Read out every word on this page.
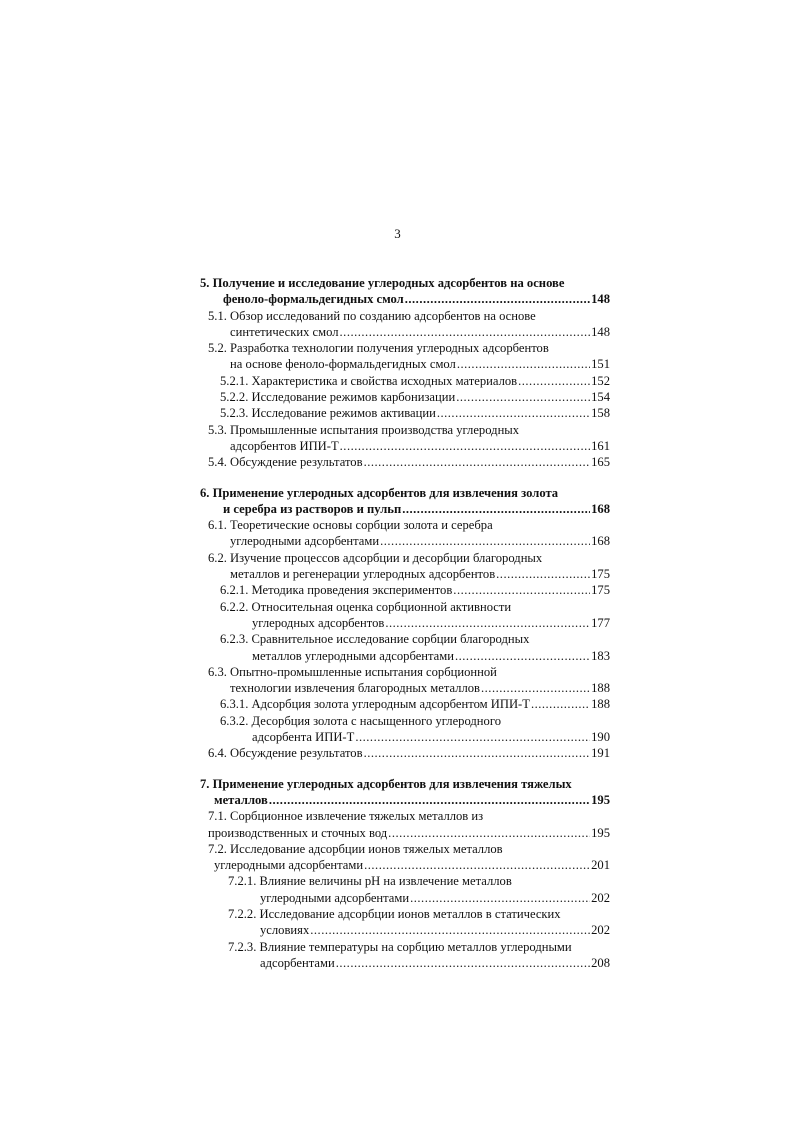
3
5. Получение и исследование углеродных адсорбентов на основе
феноло-формальдегидных смол .....	148
5.1. Обзор исследований по созданию адсорбентов на основе
синтетических смол .....	148
5.2. Разработка технологии получения углеродных адсорбентов
на основе феноло-формальдегидных смол .....	151
5.2.1. Характеристика и свойства исходных материалов .....	152
5.2.2. Исследование режимов карбонизации .....	154
5.2.3. Исследование режимов активации .....	158
5.3. Промышленные испытания производства углеродных
адсорбентов ИПИ-Т .....	161
5.4. Обсуждение результатов .....	165
6. Применение углеродных адсорбентов для извлечения золота
и серебра из растворов и пульп .....	168
6.1. Теоретические основы сорбции золота и серебра
углеродными адсорбентами .....	168
6.2. Изучение процессов адсорбции и десорбции благородных
металлов и регенерации углеродных адсорбентов .....	175
6.2.1. Методика проведения экспериментов .....	175
6.2.2. Относительная оценка сорбционной активности
углеродных адсорбентов .....	177
6.2.3. Сравнительное исследование сорбции благородных
металлов углеродными адсорбентами .....	183
6.3. Опытно-промышленные испытания сорбционной
технологии извлечения благородных металлов .....	188
6.3.1. Адсорбция золота углеродным адсорбентом ИПИ-Т .....	188
6.3.2. Десорбция золота с насыщенного углеродного
адсорбента ИПИ-Т .....	190
6.4. Обсуждение результатов .....	191
7. Применение углеродных адсорбентов для извлечения тяжелых
металлов .....	195
7.1. Сорбционное извлечение тяжелых металлов из
производственных и сточных вод .....	195
7.2. Исследование адсорбции ионов тяжелых металлов
углеродными адсорбентами .....	201
7.2.1. Влияние величины рН на извлечение металлов
углеродными адсорбентами .....	202
7.2.2. Исследование адсорбции ионов металлов в статических
условиях .....	202
7.2.3. Влияние температуры на сорбцию металлов углеродными
адсорбентами .....	208
